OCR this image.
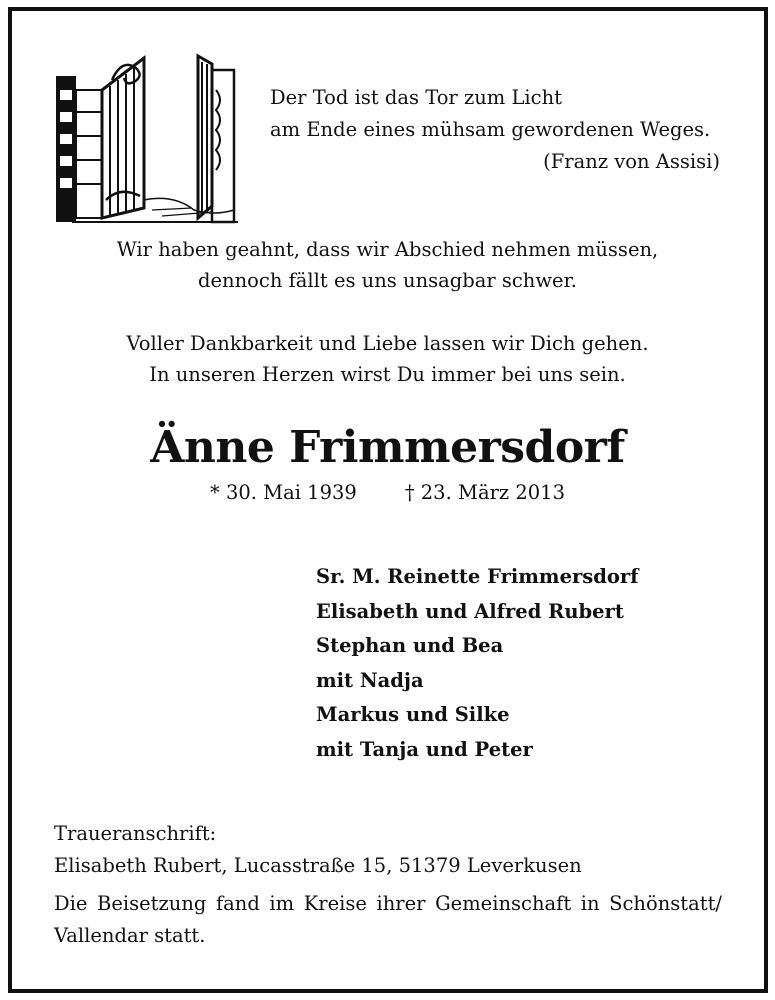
Der Tod ist das Tor zum Licht
am Ende eines mühsam gewordenen Weges.
(Franz von Assisi)
Wir haben geahnt, dass wir Abschied nehmen müssen,
dennoch fällt es uns unsagbar schwer.
Voller Dankbarkeit und Liebe lassen wir Dich gehen.
In unseren Herzen wirst Du immer bei uns sein.
Änne Frimmersdorf
* 30. Mai 1939 † 23. März 2013
Sr. M. Reinette Frimmersdorf
Elisabeth und Alfred Rubert
Stephan und Bea
mit Nadja
Markus und Silke
mit Tanja und Peter
Traueranschrift:
Elisabeth Rubert, Lucasstraße 15, 51379 Leverkusen
Die Beisetzung fand im Kreise ihrer Gemeinschaft in Schönstatt/
Vallendar statt.
